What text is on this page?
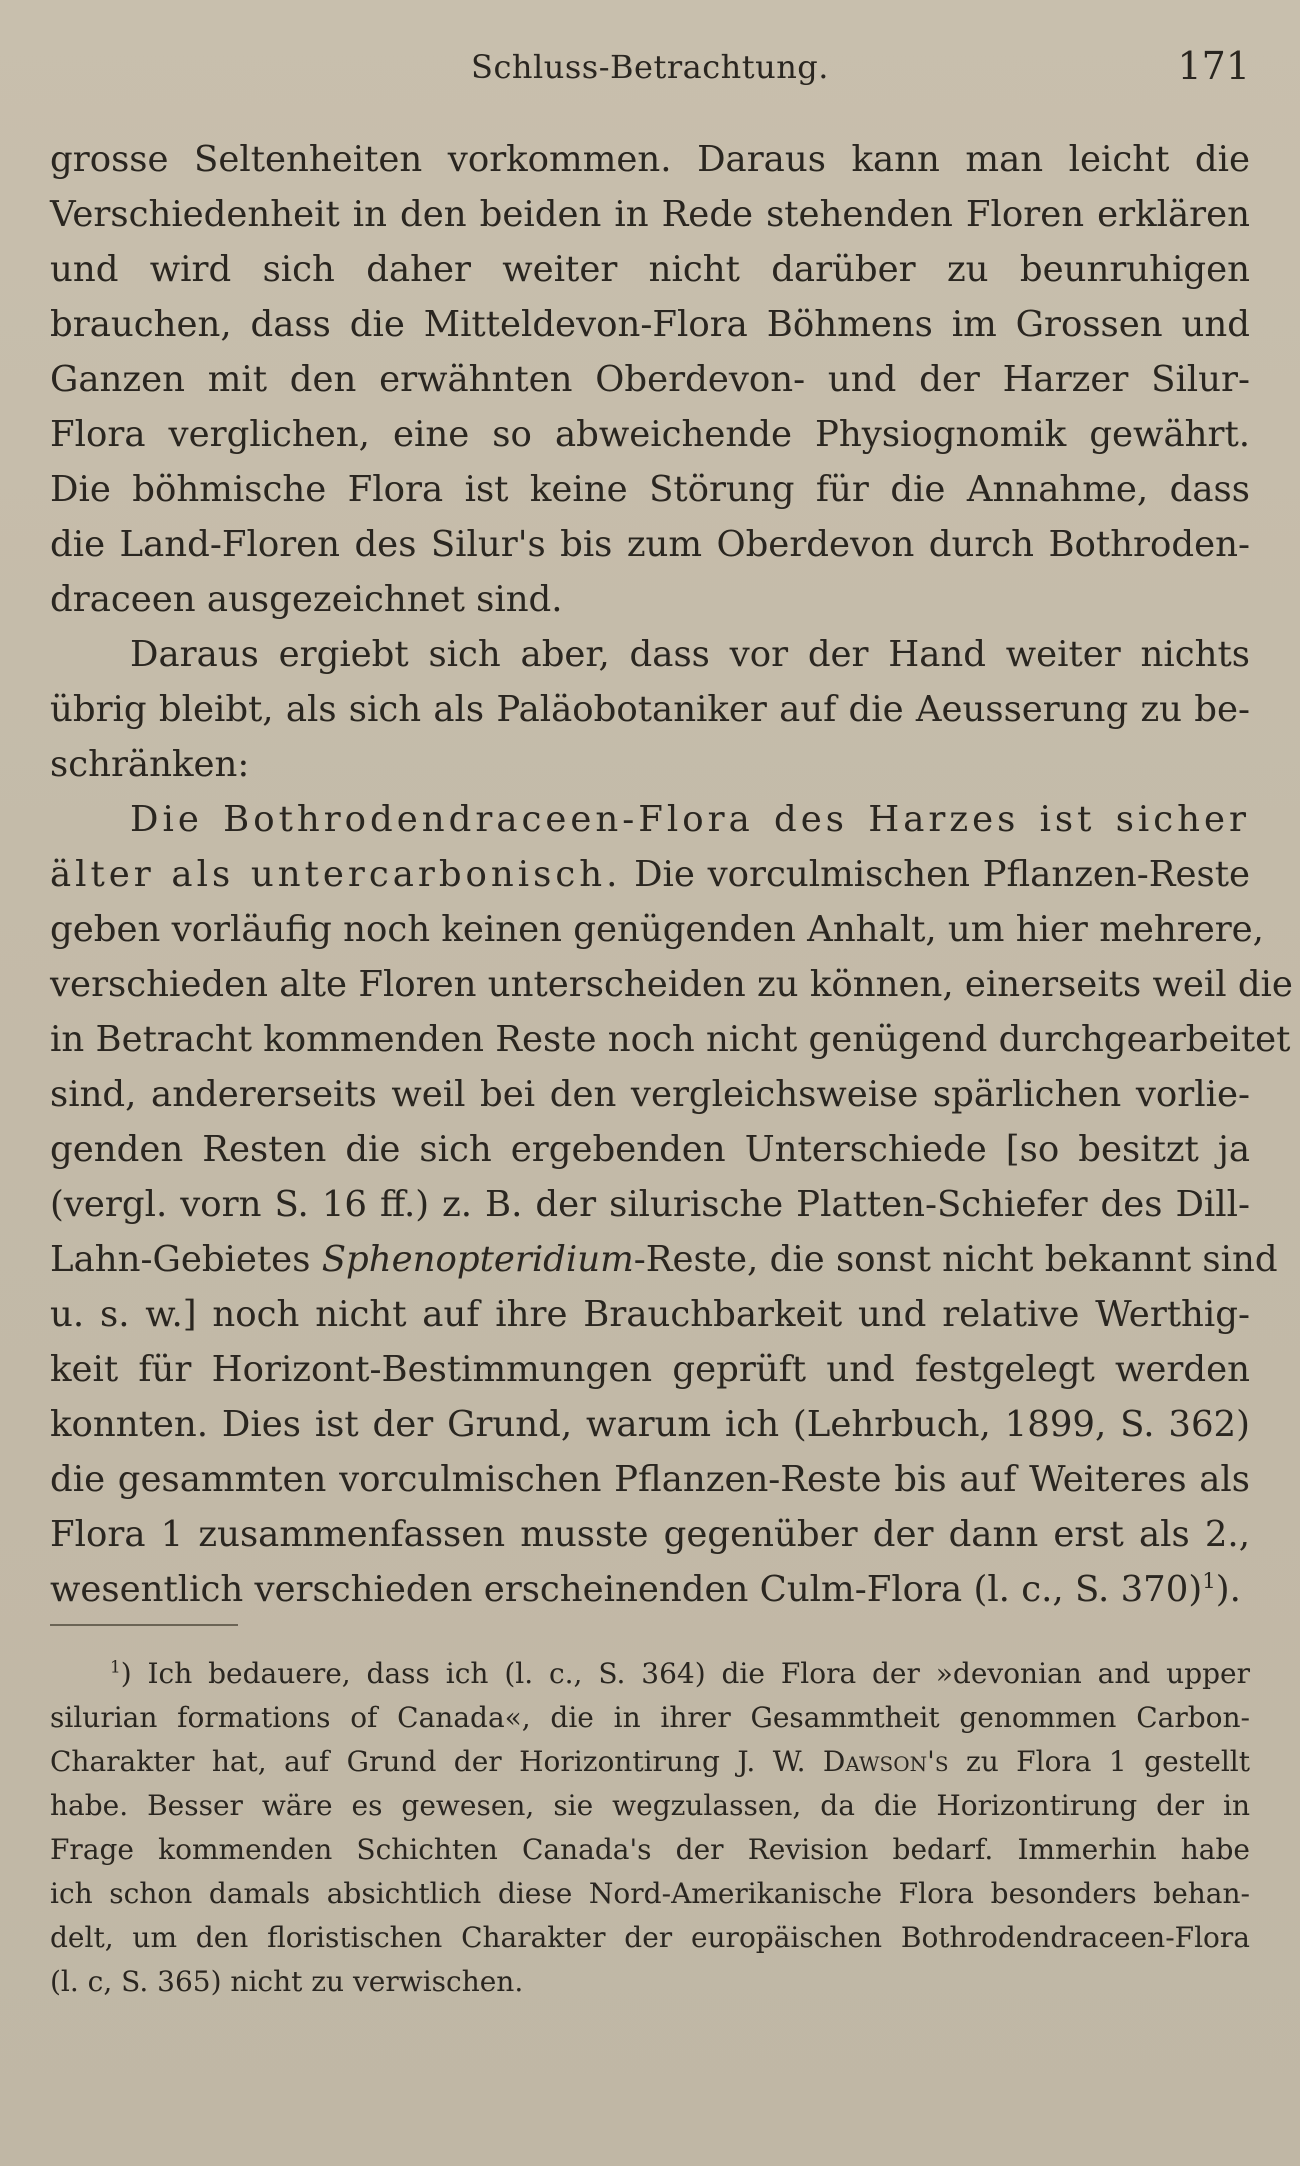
Schluss-Betrachtung.	171
grosse Seltenheiten vorkommen. Daraus kann man leicht die
Verschiedenheit in den beiden in Rede stehenden Floren erklären
und wird sich daher weiter nicht darüber zu beunruhigen
brauchen, dass die Mitteldevon-Flora Böhmens im Grossen und
Ganzen mit den erwähnten Oberdevon- und der Harzer Silur-
Flora verglichen, eine so abweichende Physiognomik gewährt.
Die böhmische Flora ist keine Störung für die Annahme, dass
die Land-Floren des Silur's bis zum Oberdevon durch Bothroden-
draceen ausgezeichnet sind.
Daraus ergiebt sich aber, dass vor der Hand weiter nichts
übrig bleibt, als sich als Paläobotaniker auf die Aeusserung zu be-
schränken:
Die Bothrodendraceen-Flora des Harzes ist sicher
älter als untercarbonisch. Die vorculmischen Pflanzen-Reste
geben vorläufig noch keinen genügenden Anhalt, um hier mehrere,
verschieden alte Floren unterscheiden zu können, einerseits weil die
in Betracht kommenden Reste noch nicht genügend durchgearbeitet
sind, andererseits weil bei den vergleichsweise spärlichen vorlie-
genden Resten die sich ergebenden Unterschiede [so besitzt ja
(vergl. vorn S. 16 ff.) z. B. der silurische Platten-Schiefer des Dill-
Lahn-Gebietes Sphenopteridium-Reste, die sonst nicht bekannt sind
u. s. w.] noch nicht auf ihre Brauchbarkeit und relative Werthig-
keit für Horizont-Bestimmungen geprüft und festgelegt werden
konnten. Dies ist der Grund, warum ich (Lehrbuch, 1899, S. 362)
die gesammten vorculmischen Pflanzen-Reste bis auf Weiteres als
Flora 1 zusammenfassen musste gegenüber der dann erst als 2.,
wesentlich verschieden erscheinenden Culm-Flora (l. c., S. 370)$^1$).
$^1$) Ich bedauere, dass ich (l. c., S. 364) die Flora der »devonian and upper
silurian formations of Canada«, die in ihrer Gesammtheit genommen Carbon-
Charakter hat, auf Grund der Horizontirung J. W. Dawson's zu Flora 1 gestellt
habe. Besser wäre es gewesen, sie wegzulassen, da die Horizontirung der in
Frage kommenden Schichten Canada's der Revision bedarf. Immerhin habe
ich schon damals absichtlich diese Nord-Amerikanische Flora besonders behan-
delt, um den floristischen Charakter der europäischen Bothrodendraceen-Flora
(l. c, S. 365) nicht zu verwischen.
